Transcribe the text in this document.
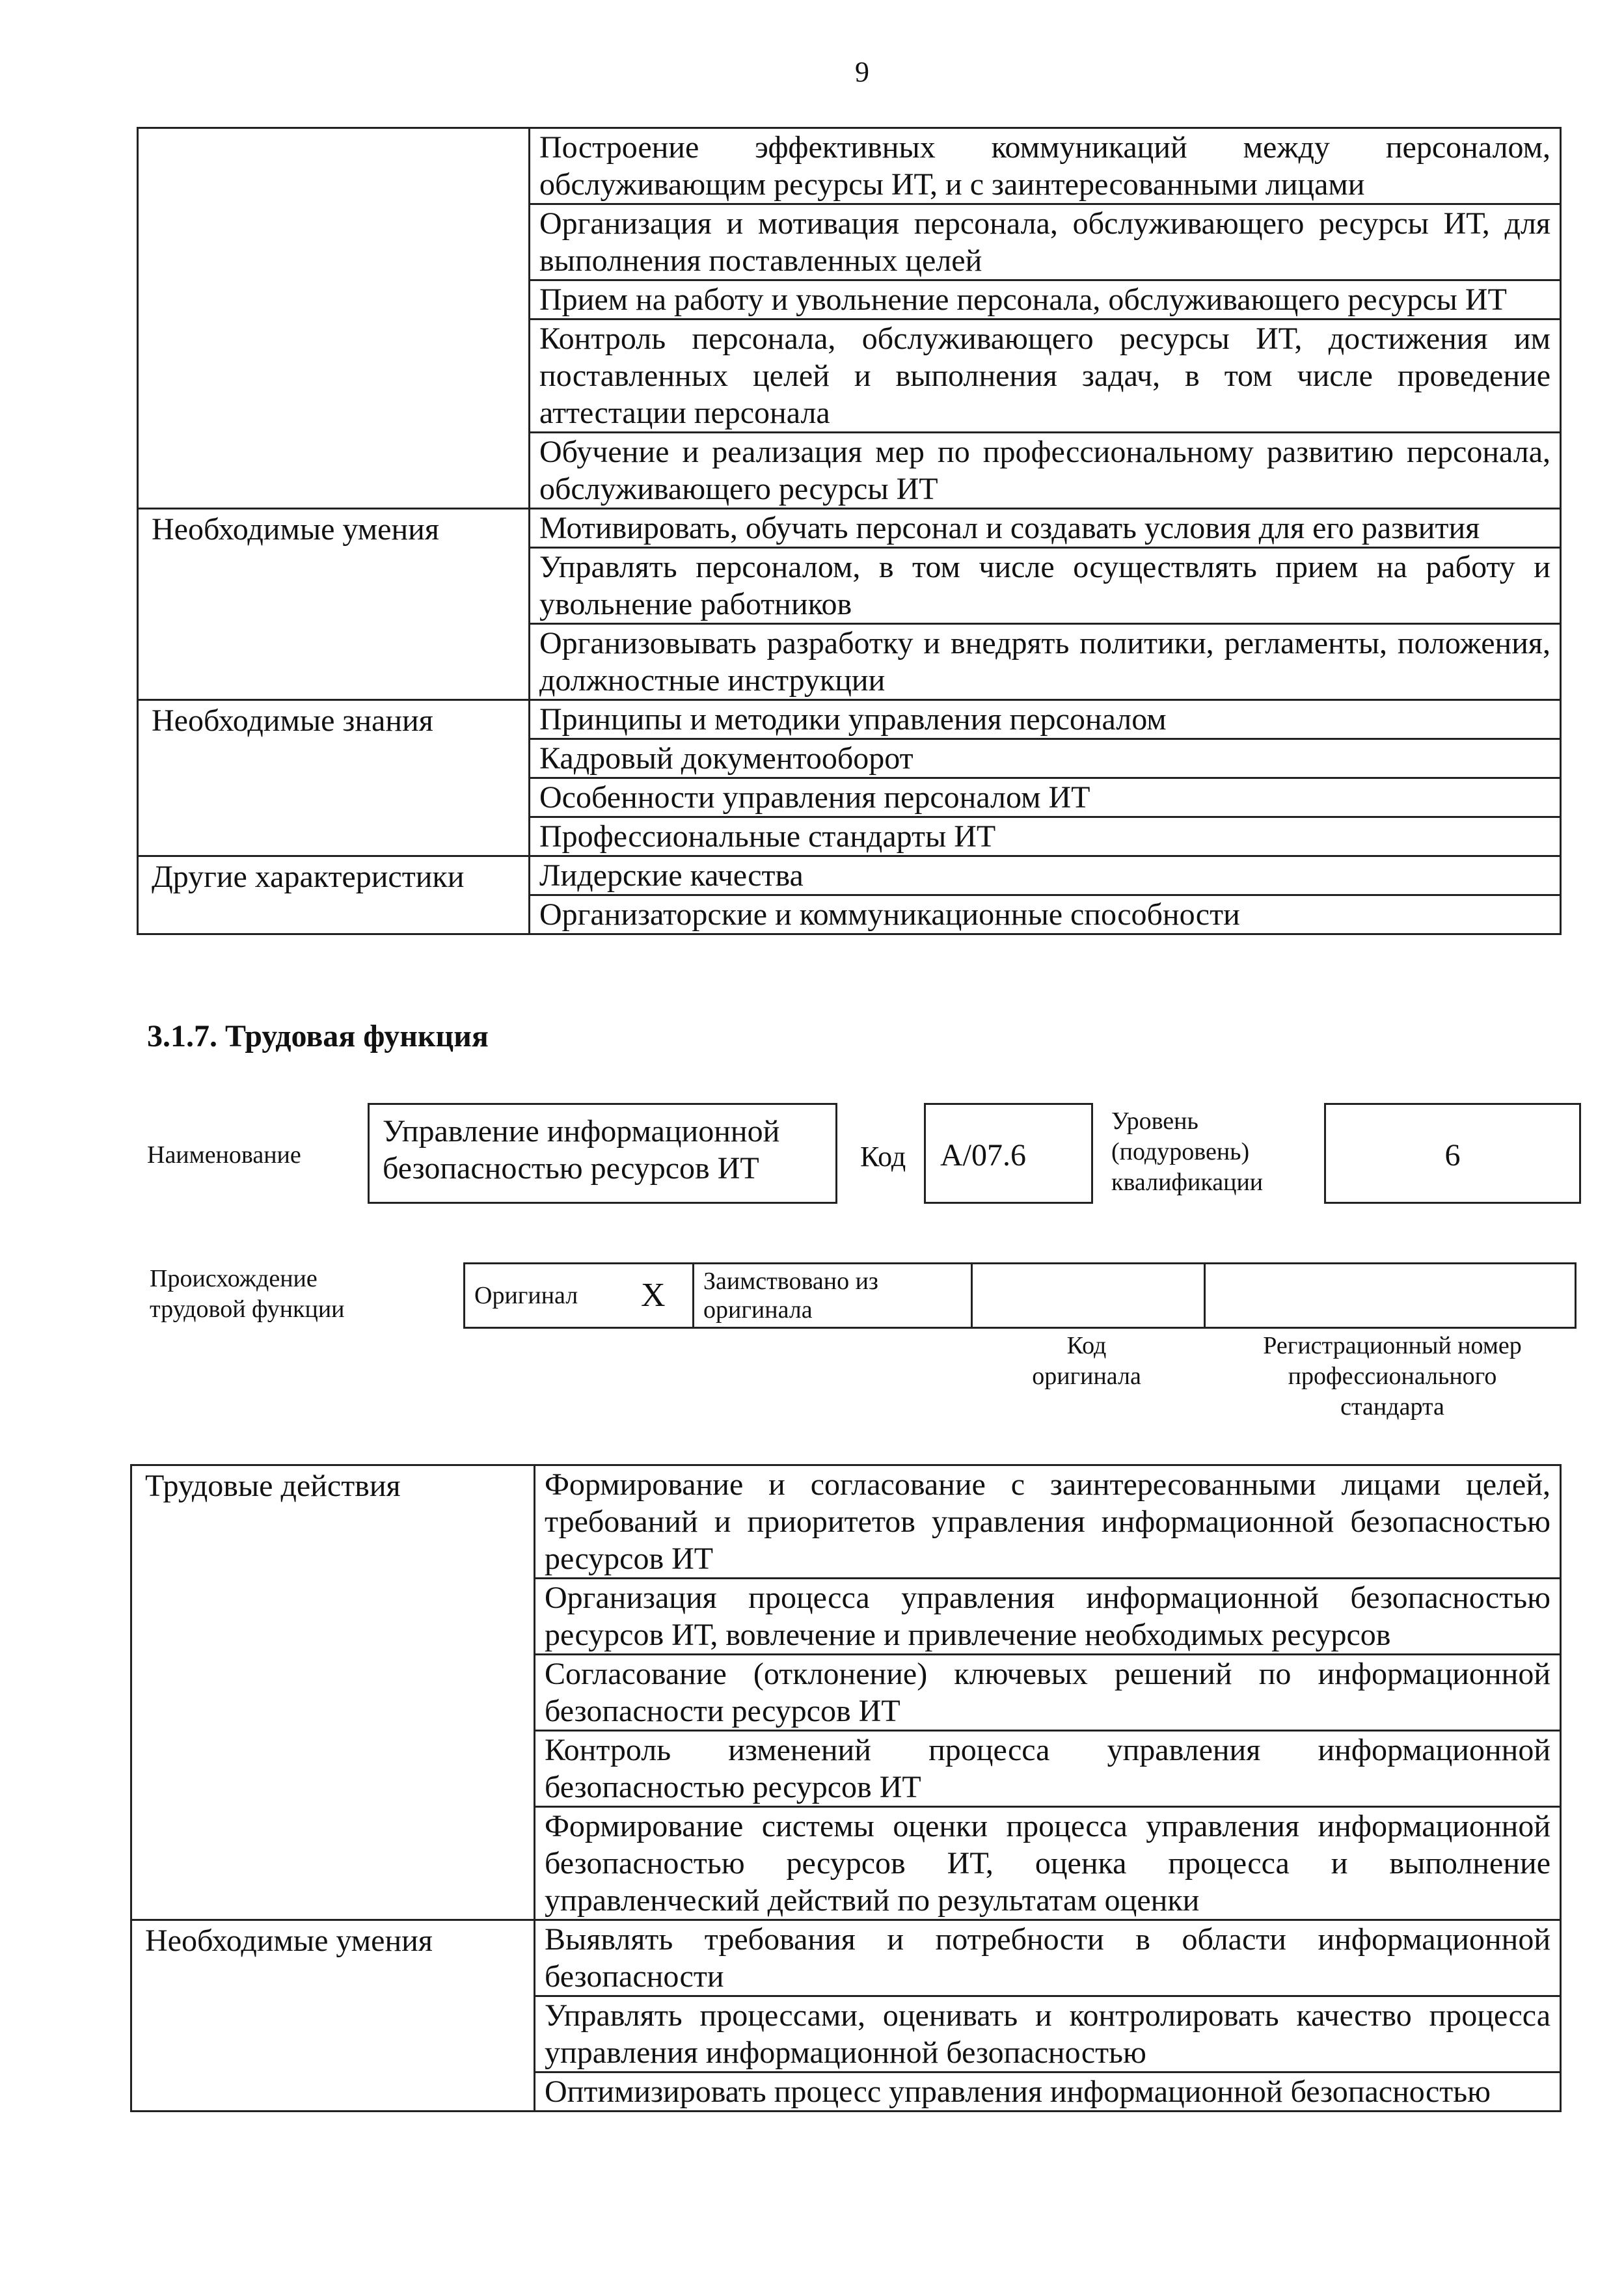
9
	Построение эффективных коммуникаций между персоналом, обслуживающим ресурсы ИТ, и с заинтересованными лицами
	Организация и мотивация персонала, обслуживающего ресурсы ИТ, для выполнения поставленных целей
	Прием на работу и увольнение персонала, обслуживающего ресурсы ИТ
	Контроль персонала, обслуживающего ресурсы ИТ, достижения им поставленных целей и выполнения задач, в том числе проведение аттестации персонала
	Обучение и реализация мер по профессиональному развитию персонала, обслуживающего ресурсы ИТ
Необходимые умения	Мотивировать, обучать персонал и создавать условия для его развития
	Управлять персоналом, в том числе осуществлять прием на работу и увольнение работников
	Организовывать разработку и внедрять политики, регламенты, положения, должностные инструкции
Необходимые знания	Принципы и методики управления персоналом
	Кадровый документооборот
	Особенности управления персоналом ИТ
	Профессиональные стандарты ИТ
Другие характеристики	Лидерские качества
	Организаторские и коммуникационные способности
3.1.7. Трудовая функция
Наименование
Управление информационной безопасностью ресурсов ИТ	Код	А/07.6
Уровень
(подуровень)
квалификации
6
Происхождение
трудовой функции	Оригинал	X	Заимствовано из оригинала		
Код
оригинала
Регистрационный номер
профессионального
стандарта
Трудовые действия	Формирование и согласование с заинтересованными лицами целей, требований и приоритетов управления информационной безопасностью ресурсов ИТ
	Организация процесса управления информационной безопасностью ресурсов ИТ, вовлечение и привлечение необходимых ресурсов
	Согласование (отклонение) ключевых решений по информационной безопасности ресурсов ИТ
	Контроль изменений процесса управления информационной безопасностью ресурсов ИТ
	Формирование системы оценки процесса управления информационной безопасностью ресурсов ИТ, оценка процесса и выполнение управленческий действий по результатам оценки
Необходимые умения	Выявлять требования и потребности в области информационной безопасности
	Управлять процессами, оценивать и контролировать качество процесса управления информационной безопасностью
	Оптимизировать процесс управления информационной безопасностью
